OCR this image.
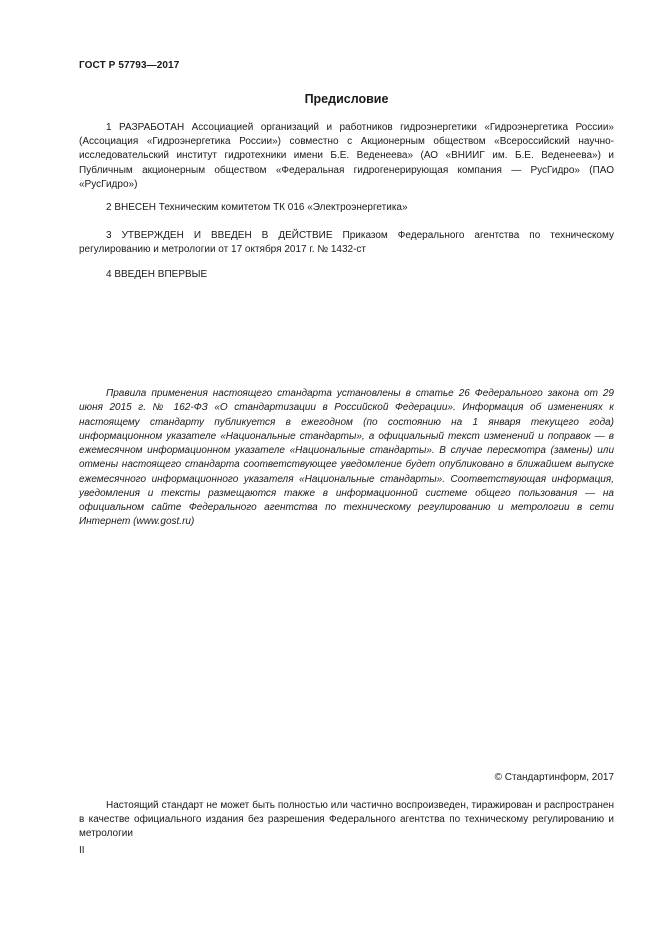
ГОСТ Р 57793—2017
Предисловие

1 РАЗРАБОТАН Ассоциацией организаций и работников гидроэнергетики «Гидроэнергетика России» (Ассоциация «Гидроэнергетика России») совместно с Акционерным обществом «Всероссийский научно-исследовательский институт гидротехники имени Б.Е. Веденеева» (АО «ВНИИГ им. Б.Е. Веденеева») и Публичным акционерным обществом «Федеральная гидрогенерирующая компания — РусГидро» (ПАО «РусГидро»)

2 ВНЕСЕН Техническим комитетом ТК 016 «Электроэнергетика»

3 УТВЕРЖДЕН И ВВЕДЕН В ДЕЙСТВИЕ Приказом Федерального агентства по техническому регулированию и метрологии от 17 октября 2017 г. № 1432-ст

4 ВВЕДЕН ВПЕРВЫЕ

Правила применения настоящего стандарта установлены в статье 26 Федерального закона от 29 июня 2015 г. № 162-ФЗ «О стандартизации в Российской Федерации». Информация об изменениях к настоящему стандарту публикуется в ежегодном (по состоянию на 1 января текущего года) информационном указателе «Национальные стандарты», а официальный текст изменений и поправок — в ежемесячном информационном указателе «Национальные стандарты». В случае пересмотра (замены) или отмены настоящего стандарта соответствующее уведомление будет опубликовано в ближайшем выпуске ежемесячного информационного указателя «Национальные стандарты». Соответствующая информация, уведомления и тексты размещаются также в информационной системе общего пользования — на официальном сайте Федерального агентства по техническому регулированию и метрологии в сети Интернет (www.gost.ru)

© Стандартинформ, 2017

Настоящий стандарт не может быть полностью или частично воспроизведен, тиражирован и распространен в качестве официального издания без разрешения Федерального агентства по техническому регулированию и метрологии

II
